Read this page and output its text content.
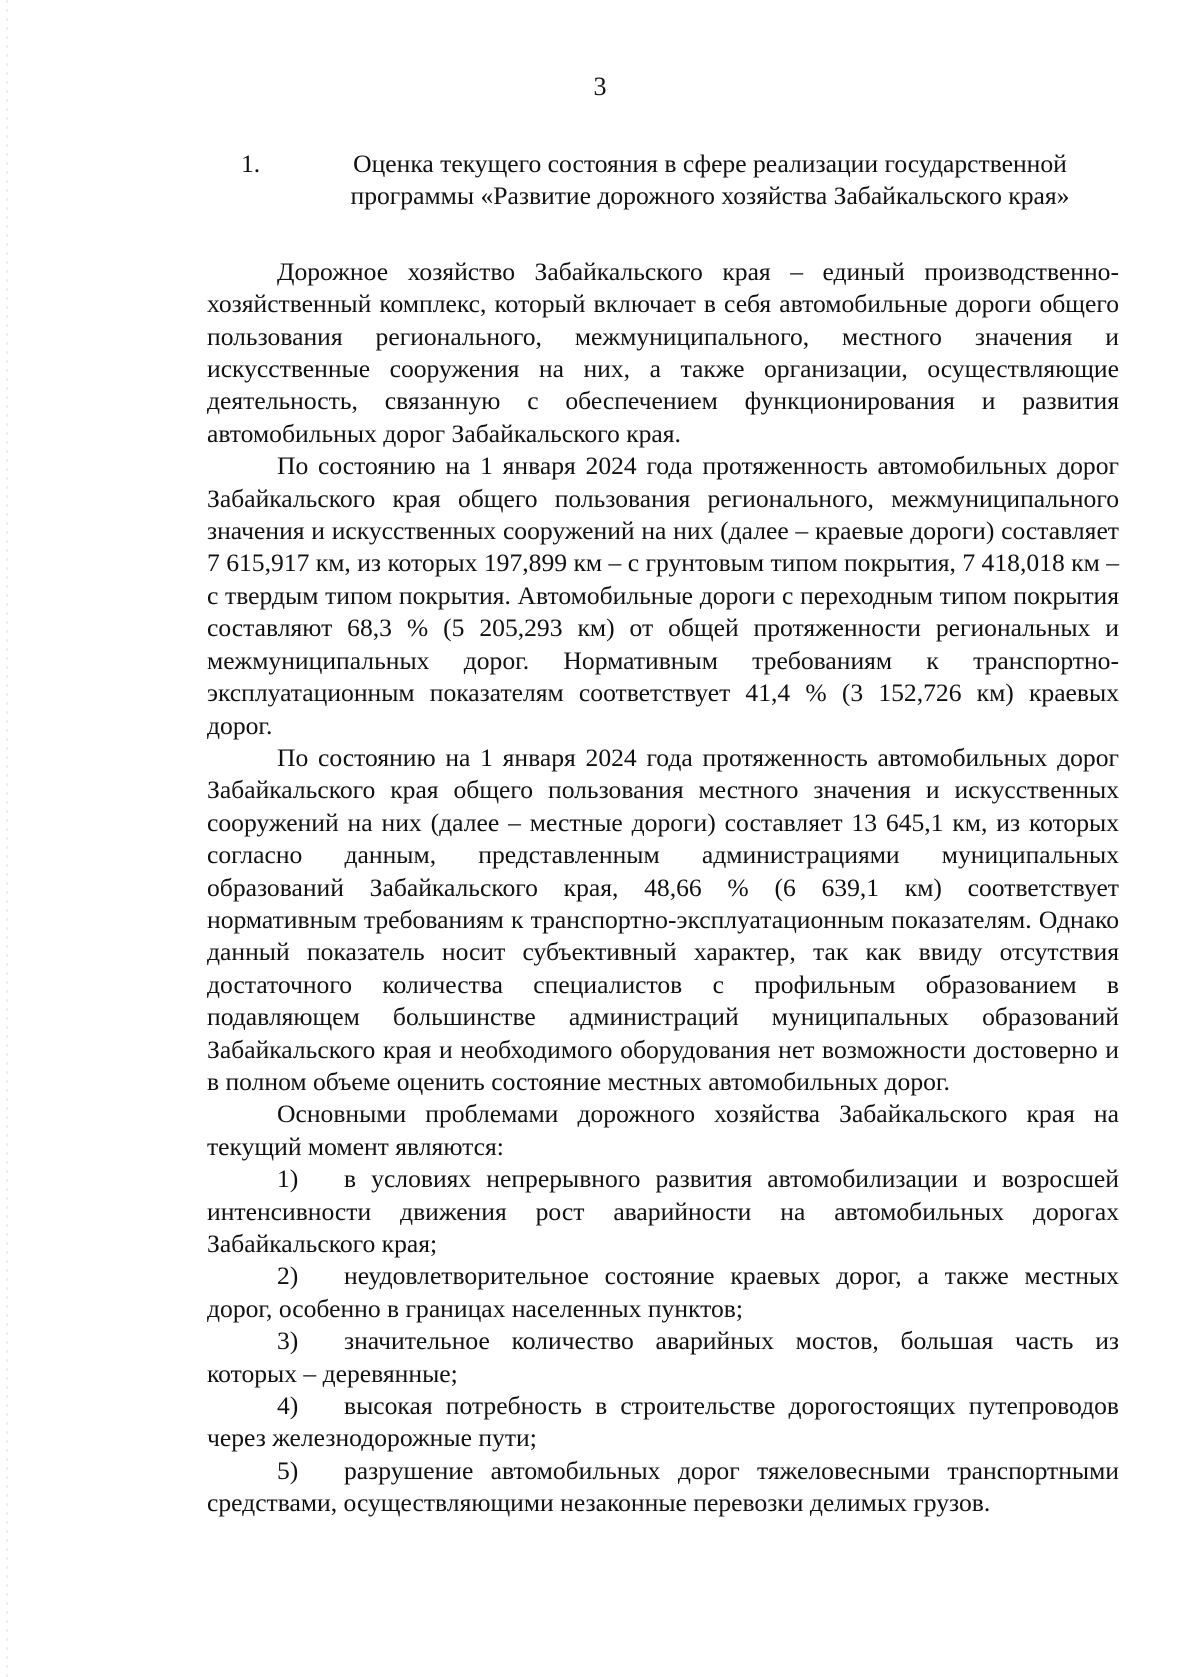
3
1.	Оценка текущего состояния в сфере реализации государственной программы «Развитие дорожного хозяйства Забайкальского края»

Дорожное хозяйство Забайкальского края – единый производственно-хозяйственный комплекс, который включает в себя автомобильные дороги общего пользования регионального, межмуниципального, местного значения и искусственные сооружения на них, а также организации, осуществляющие деятельность, связанную с обеспечением функционирования и развития автомобильных дорог Забайкальского края.

По состоянию на 1 января 2024 года протяженность автомобильных дорог Забайкальского края общего пользования регионального, межмуниципального значения и искусственных сооружений на них (далее – краевые дороги) составляет 7 615,917 км, из которых 197,899 км – с грунтовым типом покрытия, 7 418,018 км – с твердым типом покрытия. Автомобильные дороги с переходным типом покрытия составляют 68,3 % (5 205,293 км) от общей протяженности региональных и межмуниципальных дорог. Нормативным требованиям к транспортно-эксплуатационным показателям соответствует 41,4 % (3 152,726 км) краевых дорог.

По состоянию на 1 января 2024 года протяженность автомобильных дорог Забайкальского края общего пользования местного значения и искусственных сооружений на них (далее – местные дороги) составляет 13 645,1 км, из которых согласно данным, представленным администрациями муниципальных образований Забайкальского края, 48,66 % (6 639,1 км) соответствует нормативным требованиям к транспортно-эксплуатационным показателям. Однако данный показатель носит субъективный характер, так как ввиду отсутствия достаточного количества специалистов с профильным образованием в подавляющем большинстве администраций муниципальных образований Забайкальского края и необходимого оборудования нет возможности достоверно и в полном объеме оценить состояние местных автомобильных дорог.

Основными проблемами дорожного хозяйства Забайкальского края на текущий момент являются:

1) в условиях непрерывного развития автомобилизации и возросшей интенсивности движения рост аварийности на автомобильных дорогах Забайкальского края;

2) неудовлетворительное состояние краевых дорог, а также местных дорог, особенно в границах населенных пунктов;

3) значительное количество аварийных мостов, большая часть из которых – деревянные;

4) высокая потребность в строительстве дорогостоящих путепроводов через железнодорожные пути;

5) разрушение автомобильных дорог тяжеловесными транспортными средствами, осуществляющими незаконные перевозки делимых грузов.
